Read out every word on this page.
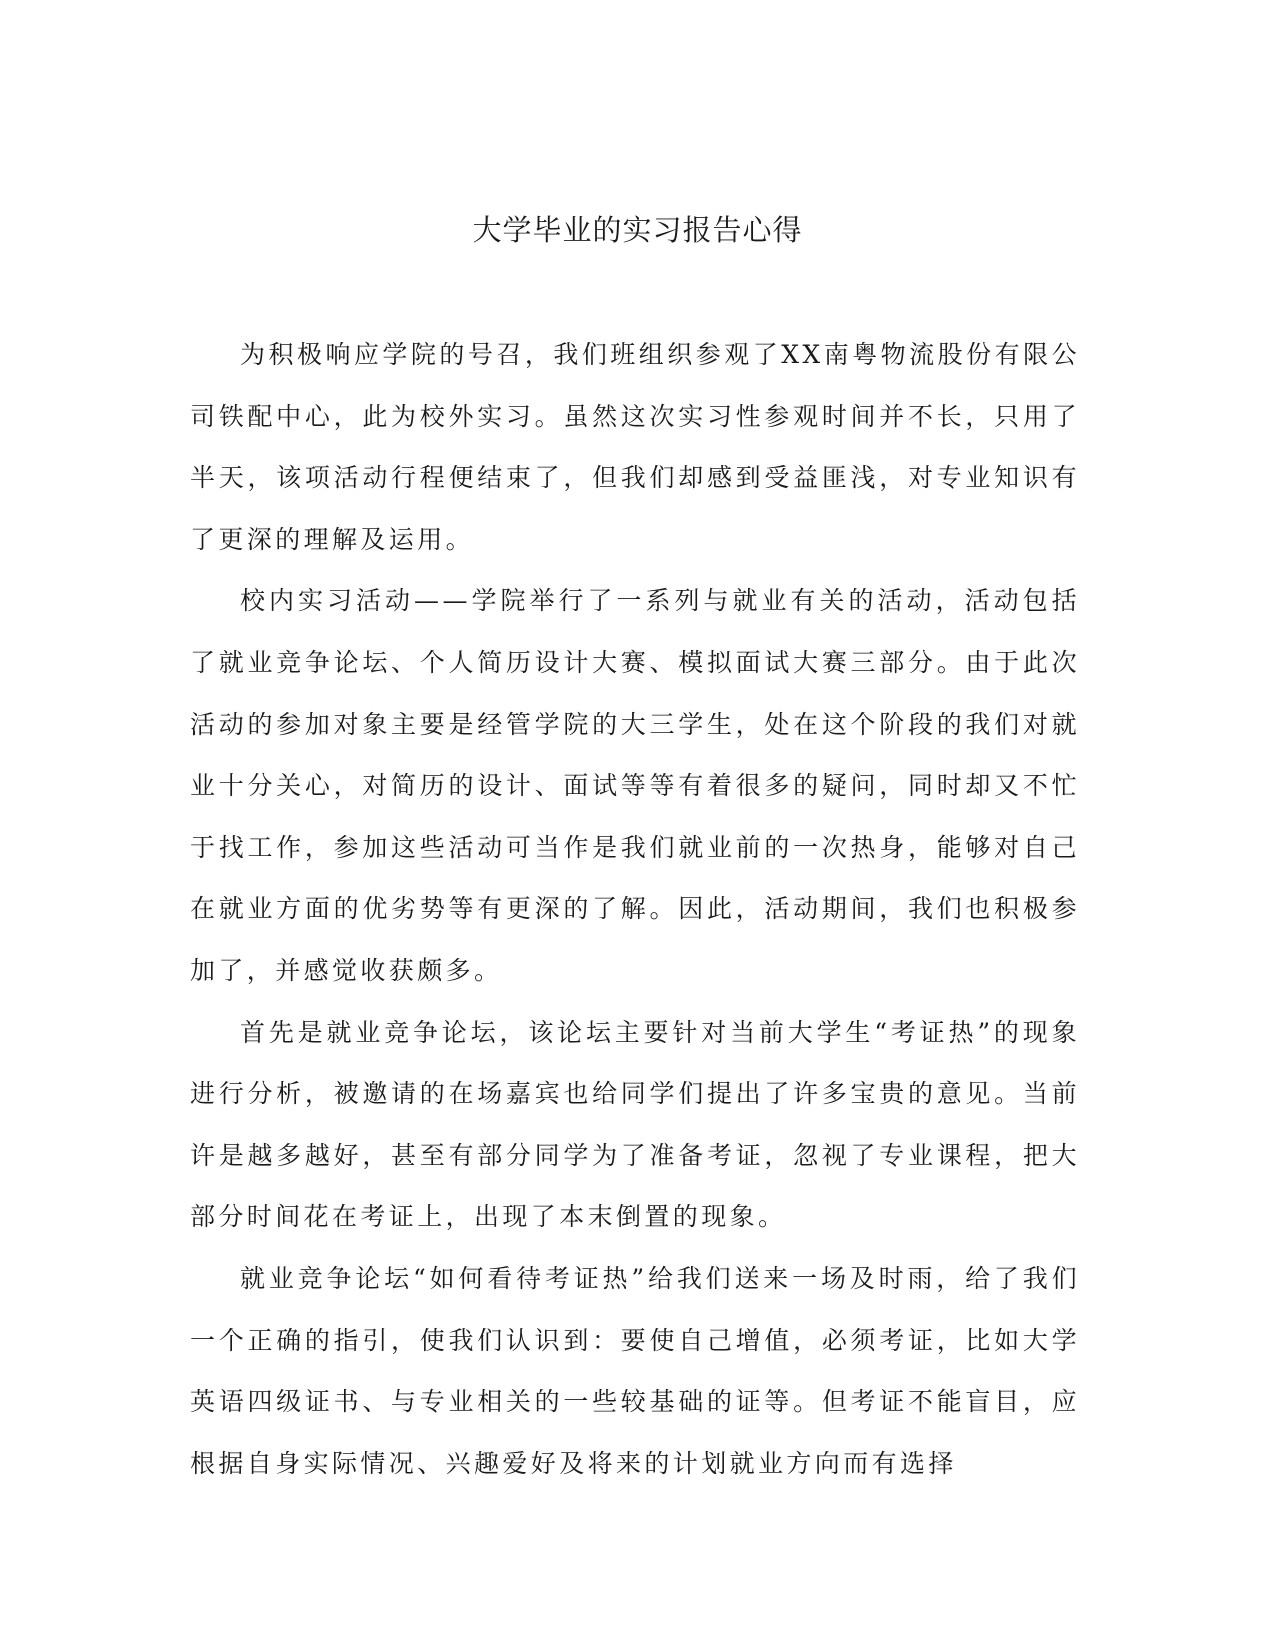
大学毕业的实习报告心得

为积极响应学院的号召，我们班组织参观了XX南粤物流股份有限公司铁配中心，此为校外实习。虽然这次实习性参观时间并不长，只用了半天，该项活动行程便结束了，但我们却感到受益匪浅，对专业知识有了更深的理解及运用。

校内实习活动——学院举行了一系列与就业有关的活动，活动包括了就业竞争论坛、个人简历设计大赛、模拟面试大赛三部分。由于此次活动的参加对象主要是经管学院的大三学生，处在这个阶段的我们对就业十分关心，对简历的设计、面试等等有着很多的疑问，同时却又不忙于找工作，参加这些活动可当作是我们就业前的一次热身，能够对自己在就业方面的优劣势等有更深的了解。因此，活动期间，我们也积极参加了，并感觉收获颇多。

首先是就业竞争论坛，该论坛主要针对当前大学生“考证热”的现象进行分析，被邀请的在场嘉宾也给同学们提出了许多宝贵的意见。当前许是越多越好，甚至有部分同学为了准备考证，忽视了专业课程，把大部分时间花在考证上，出现了本末倒置的现象。

就业竞争论坛“如何看待考证热”给我们送来一场及时雨，给了我们一个正确的指引，使我们认识到：要使自己增值，必须考证，比如大学英语四级证书、与专业相关的一些较基础的证等。但考证不能盲目，应根据自身实际情况、兴趣爱好及将来的计划就业方向而有选择
